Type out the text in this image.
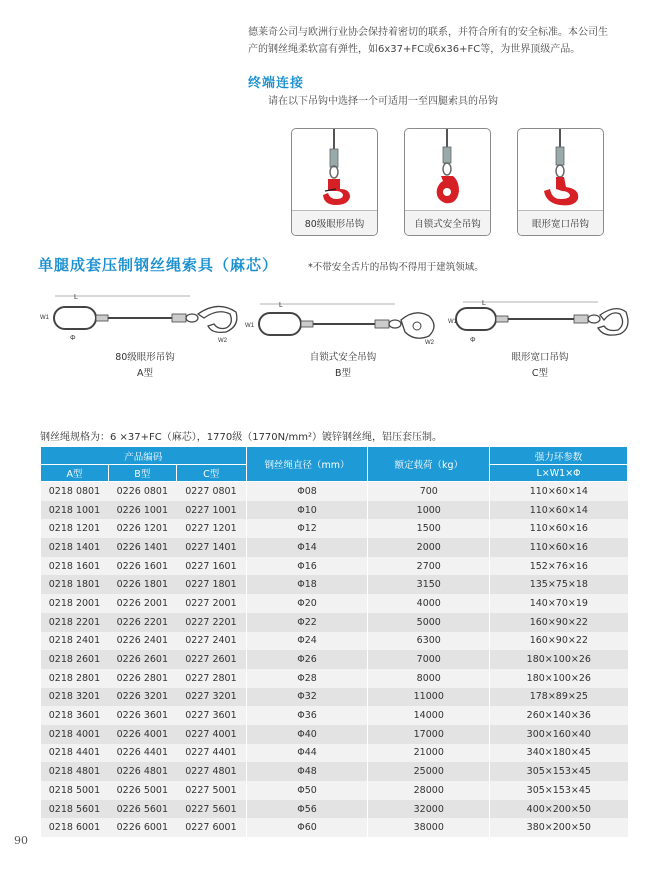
德莱奇公司与欧洲行业协会保持着密切的联系，并符合所有的安全标准。本公司生
产的钢丝绳柔软富有弹性，如6x37+FC或6x36+FC等，为世界顶级产品。
终端连接
请在以下吊钩中选择一个可适用一至四腿索具的吊钩
80级眼形吊钩	自锁式安全吊钩	眼形宽口吊钩
单腿成套压制钢丝绳索具（麻芯）	*不带安全舌片的吊钩不得用于建筑领域。
L
W1
Φ	W2
80级眼形吊钩
A型
L
W1
W2
自锁式安全吊钩
B型
L
W1
Φ
眼形宽口吊钩
C型
钢丝绳规格为：6 ×37+FC（麻芯），1770级（1770N/mm²）镀锌钢丝绳，铝压套压制。
产品编码			钢丝绳直径（mm）	额定载荷（kg）	强力环参数
A型	B型	C型			L×W1×Φ
0218 0801	0226 0801	0227 0801	Φ08	700	110×60×14
0218 1001	0226 1001	0227 1001	Φ10	1000	110×60×14
0218 1201	0226 1201	0227 1201	Φ12	1500	110×60×16
0218 1401	0226 1401	0227 1401	Φ14	2000	110×60×16
0218 1601	0226 1601	0227 1601	Φ16	2700	152×76×16
0218 1801	0226 1801	0227 1801	Φ18	3150	135×75×18
0218 2001	0226 2001	0227 2001	Φ20	4000	140×70×19
0218 2201	0226 2201	0227 2201	Φ22	5000	160×90×22
0218 2401	0226 2401	0227 2401	Φ24	6300	160×90×22
0218 2601	0226 2601	0227 2601	Φ26	7000	180×100×26
0218 2801	0226 2801	0227 2801	Φ28	8000	180×100×26
0218 3201	0226 3201	0227 3201	Φ32	11000	178×89×25
0218 3601	0226 3601	0227 3601	Φ36	14000	260×140×36
0218 4001	0226 4001	0227 4001	Φ40	17000	300×160×40
0218 4401	0226 4401	0227 4401	Φ44	21000	340×180×45
0218 4801	0226 4801	0227 4801	Φ48	25000	305×153×45
0218 5001	0226 5001	0227 5001	Φ50	28000	305×153×45
0218 5601	0226 5601	0227 5601	Φ56	32000	400×200×50
0218 6001	0226 6001	0227 6001	Φ60	38000	380×200×50
90
